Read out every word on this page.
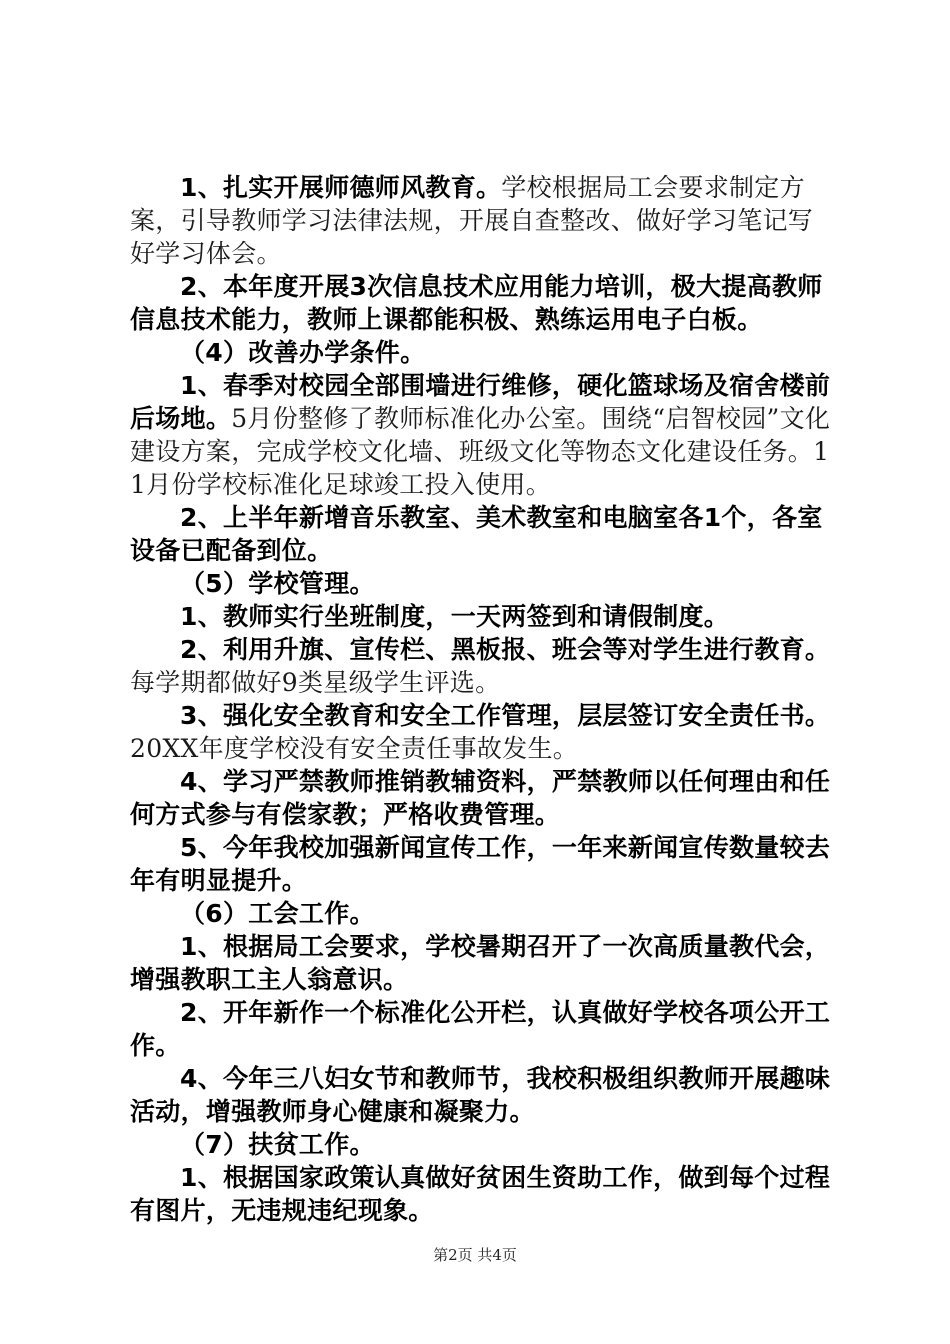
1、扎实开展师德师风教育。学校根据局工会要求制定方案，引导教师学习法律法规，开展自查整改、做好学习笔记写好学习体会。

2、本年度开展3次信息技术应用能力培训，极大提高教师信息技术能力，教师上课都能积极、熟练运用电子白板。

（4）改善办学条件。

1、春季对校园全部围墙进行维修，硬化篮球场及宿舍楼前后场地。5月份整修了教师标准化办公室。围绕“启智校园”文化建设方案，完成学校文化墙、班级文化等物态文化建设任务。11月份学校标准化足球竣工投入使用。

2、上半年新增音乐教室、美术教室和电脑室各1个，各室设备已配备到位。

（5）学校管理。

1、教师实行坐班制度，一天两签到和请假制度。

2、利用升旗、宣传栏、黑板报、班会等对学生进行教育。每学期都做好9类星级学生评选。

3、强化安全教育和安全工作管理，层层签订安全责任书。20XX年度学校没有安全责任事故发生。

4、学习严禁教师推销教辅资料，严禁教师以任何理由和任何方式参与有偿家教；严格收费管理。

5、今年我校加强新闻宣传工作，一年来新闻宣传数量较去年有明显提升。

（6）工会工作。

1、根据局工会要求，学校暑期召开了一次高质量教代会，增强教职工主人翁意识。

2、开年新作一个标准化公开栏，认真做好学校各项公开工作。

4、今年三八妇女节和教师节，我校积极组织教师开展趣味活动，增强教师身心健康和凝聚力。

（7）扶贫工作。

1、根据国家政策认真做好贫困生资助工作，做到每个过程有图片，无违规违纪现象。

第2页 共4页
